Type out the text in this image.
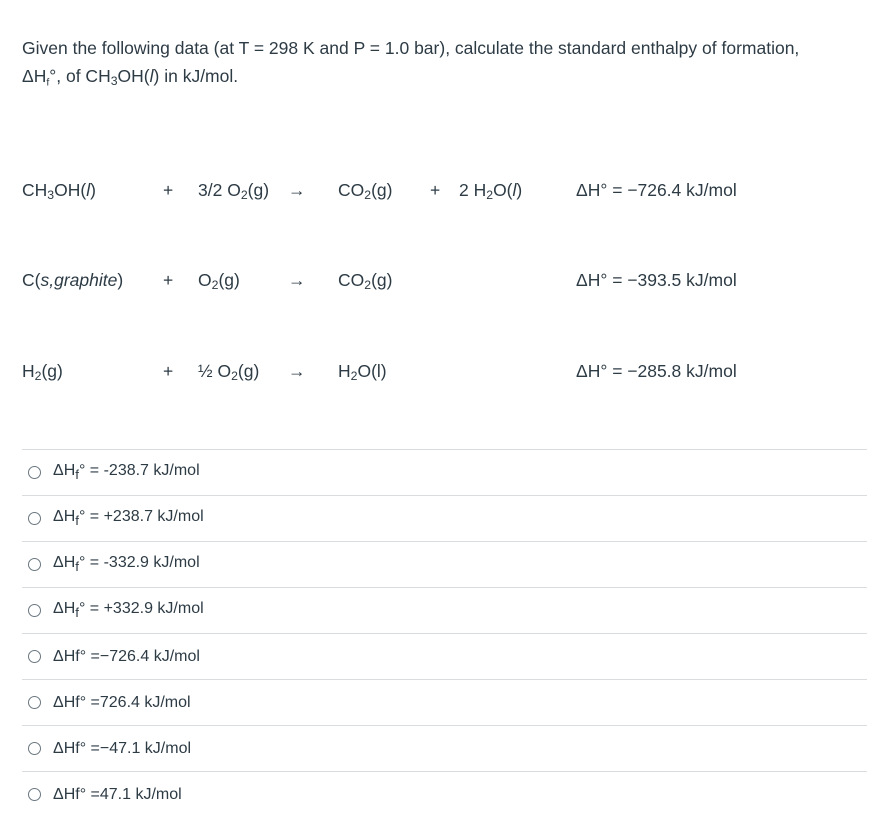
Given the following data (at T = 298 K and P = 1.0 bar), calculate the standard enthalpy of formation,
$\Delta H_f^\circ$, of $CH_3OH(l)$ in kJ/mol.
$CH_3OH(l)$	+ 3/2 $O_2(g) \to CO_2(g) + 2$ $H_2O(l)$	ΔH° = −726.4 kJ/mol
C(s,graphite) + $O_2(g)$	→ $CO_2(g)$	ΔH° = −393.5 kJ/mol
$H_2(g)$	+ ½ $O_2(g) \to H_2O(l)$	ΔH° = −285.8 kJ/mol
$\Delta H_f^\circ = -238.7$ kJ/mol
$\Delta H_f^\circ = +238.7$ kJ/mol
$\Delta H_f^\circ = -332.9$ kJ/mol
$\Delta H_f^\circ = +332.9$ kJ/mol
ΔHf° =−726.4 kJ/mol
ΔHf° =726.4 kJ/mol
ΔHf° =−47.1 kJ/mol
ΔHf° =47.1 kJ/mol
